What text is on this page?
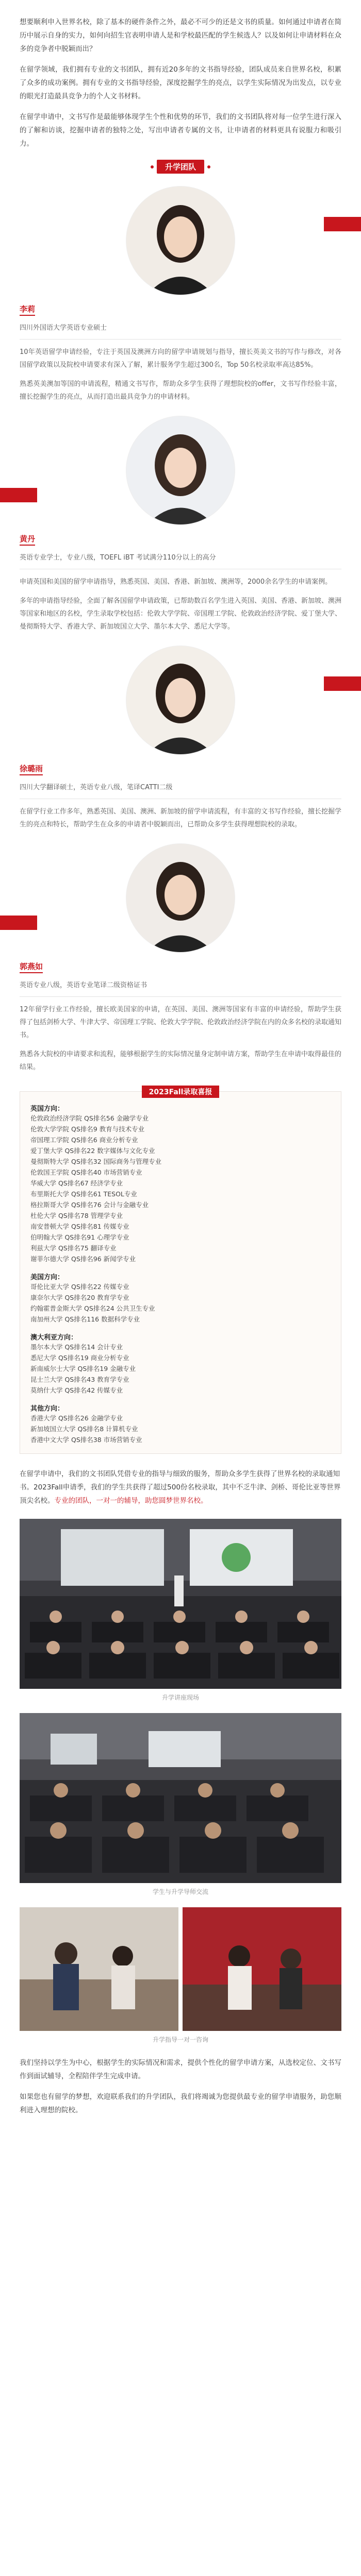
想要顺利申入世界名校，除了基本的硬件条件之外，最必不可少的还是文书的质量。如何通过申请者在简历中展示自身的实力，如何向招生官表明申请人是和学校最匹配的学生候选人？以及如何让申请材料在众多的竞争者中脱颖而出？

在留学领域，我们拥有专业的文书团队，拥有近20多年的文书指导经验，团队成员来自世界名校，积累了众多的成功案例。拥有专业的文书指导经验，深度挖掘学生的亮点，以学生实际情况为出发点，以专业的眼光打造最具竞争力的个人文书材料。

在留学申请中，文书写作是最能够体现学生个性和优势的环节，我们的文书团队将对每一位学生进行深入的了解和访谈，挖掘申请者的独特之处，写出申请者专属的文书，让申请者的材料更具有说服力和吸引力。

升学团队
李莉
四川外国语大学英语专业硕士

10年英语留学申请经验，专注于英国及澳洲方向的留学申请规划与指导，擅长英美文书的写作与修改，对各国留学政策以及院校申请要求有深入了解，累计服务学生超过300名，Top 50名校录取率高达85%。

熟悉英美澳加等国的申请流程，精通文书写作，帮助众多学生获得了理想院校的offer，文书写作经验丰富，擅长挖掘学生的亮点，从而打造出最具竞争力的申请材料。

黄丹
英语专业学士，专业八级，TOEFL iBT 考试满分110分以上的高分

申请英国和美国的留学申请指导，熟悉英国、美国、香港、新加坡、澳洲等，2000余名学生的申请案例。

多年的申请指导经验，全面了解各国留学申请政策，已帮助数百名学生进入英国、美国、香港、新加坡、澳洲等国家和地区的名校，学生录取学校包括：伦敦大学学院、帝国理工学院、伦敦政治经济学院、爱丁堡大学、曼彻斯特大学、香港大学、新加坡国立大学、墨尔本大学、悉尼大学等。

徐璐雨
四川大学翻译硕士，英语专业八级，笔译CATTI二级

在留学行业工作多年，熟悉英国、美国、澳洲、新加坡的留学申请流程，有丰富的文书写作经验，擅长挖掘学生的亮点和特长，帮助学生在众多的申请者中脱颖而出，已帮助众多学生获得理想院校的录取。

郭燕如
英语专业八级，英语专业笔译二级资格证书

12年留学行业工作经验，擅长欧美国家的申请，在英国、美国、澳洲等国家有丰富的申请经验，帮助学生获得了包括剑桥大学、牛津大学、帝国理工学院、伦敦大学学院、伦敦政治经济学院在内的众多名校的录取通知书。

熟悉各大院校的申请要求和流程，能够根据学生的实际情况量身定制申请方案，帮助学生在申请中取得最佳的结果。

2023Fall录取喜报
英国方向：
伦敦政治经济学院 QS排名56 金融学专业
伦敦大学学院 QS排名9 教育与技术专业
帝国理工学院 QS排名6 商业分析专业
爱丁堡大学 QS排名22 数字媒体与文化专业
曼彻斯特大学 QS排名32 国际商务与管理专业
伦敦国王学院 QS排名40 市场营销专业
华威大学 QS排名67 经济学专业
布里斯托大学 QS排名61 TESOL专业
格拉斯哥大学 QS排名76 会计与金融专业
杜伦大学 QS排名78 管理学专业
南安普顿大学 QS排名81 传媒专业
伯明翰大学 QS排名91 心理学专业
利兹大学 QS排名75 翻译专业
谢菲尔德大学 QS排名96 新闻学专业
美国方向：
哥伦比亚大学 QS排名22 传媒专业
康奈尔大学 QS排名20 教育学专业
约翰霍普金斯大学 QS排名24 公共卫生专业
南加州大学 QS排名116 数据科学专业
澳大利亚方向：
墨尔本大学 QS排名14 会计专业
悉尼大学 QS排名19 商业分析专业
新南威尔士大学 QS排名19 金融专业
昆士兰大学 QS排名43 教育学专业
莫纳什大学 QS排名42 传媒专业
其他方向：
香港大学 QS排名26 金融学专业
新加坡国立大学 QS排名8 计算机专业
香港中文大学 QS排名38 市场营销专业

在留学申请中，我们的文书团队凭借专业的指导与细致的服务，帮助众多学生获得了世界名校的录取通知书。2023Fall申请季，我们的学生共获得了超过500份名校录取，其中不乏牛津、剑桥、哥伦比亚等世界顶尖名校。专业的团队，一对一的辅导，助您圆梦世界名校。

升学讲座现场
学生与升学导师交流
升学指导一对一咨询

我们坚持以学生为中心，根据学生的实际情况和需求，提供个性化的留学申请方案，从选校定位、文书写作到面试辅导，全程陪伴学生完成申请。

如果您也有留学的梦想，欢迎联系我们的升学团队，我们将竭诚为您提供最专业的留学申请服务，助您顺利进入理想的院校。
